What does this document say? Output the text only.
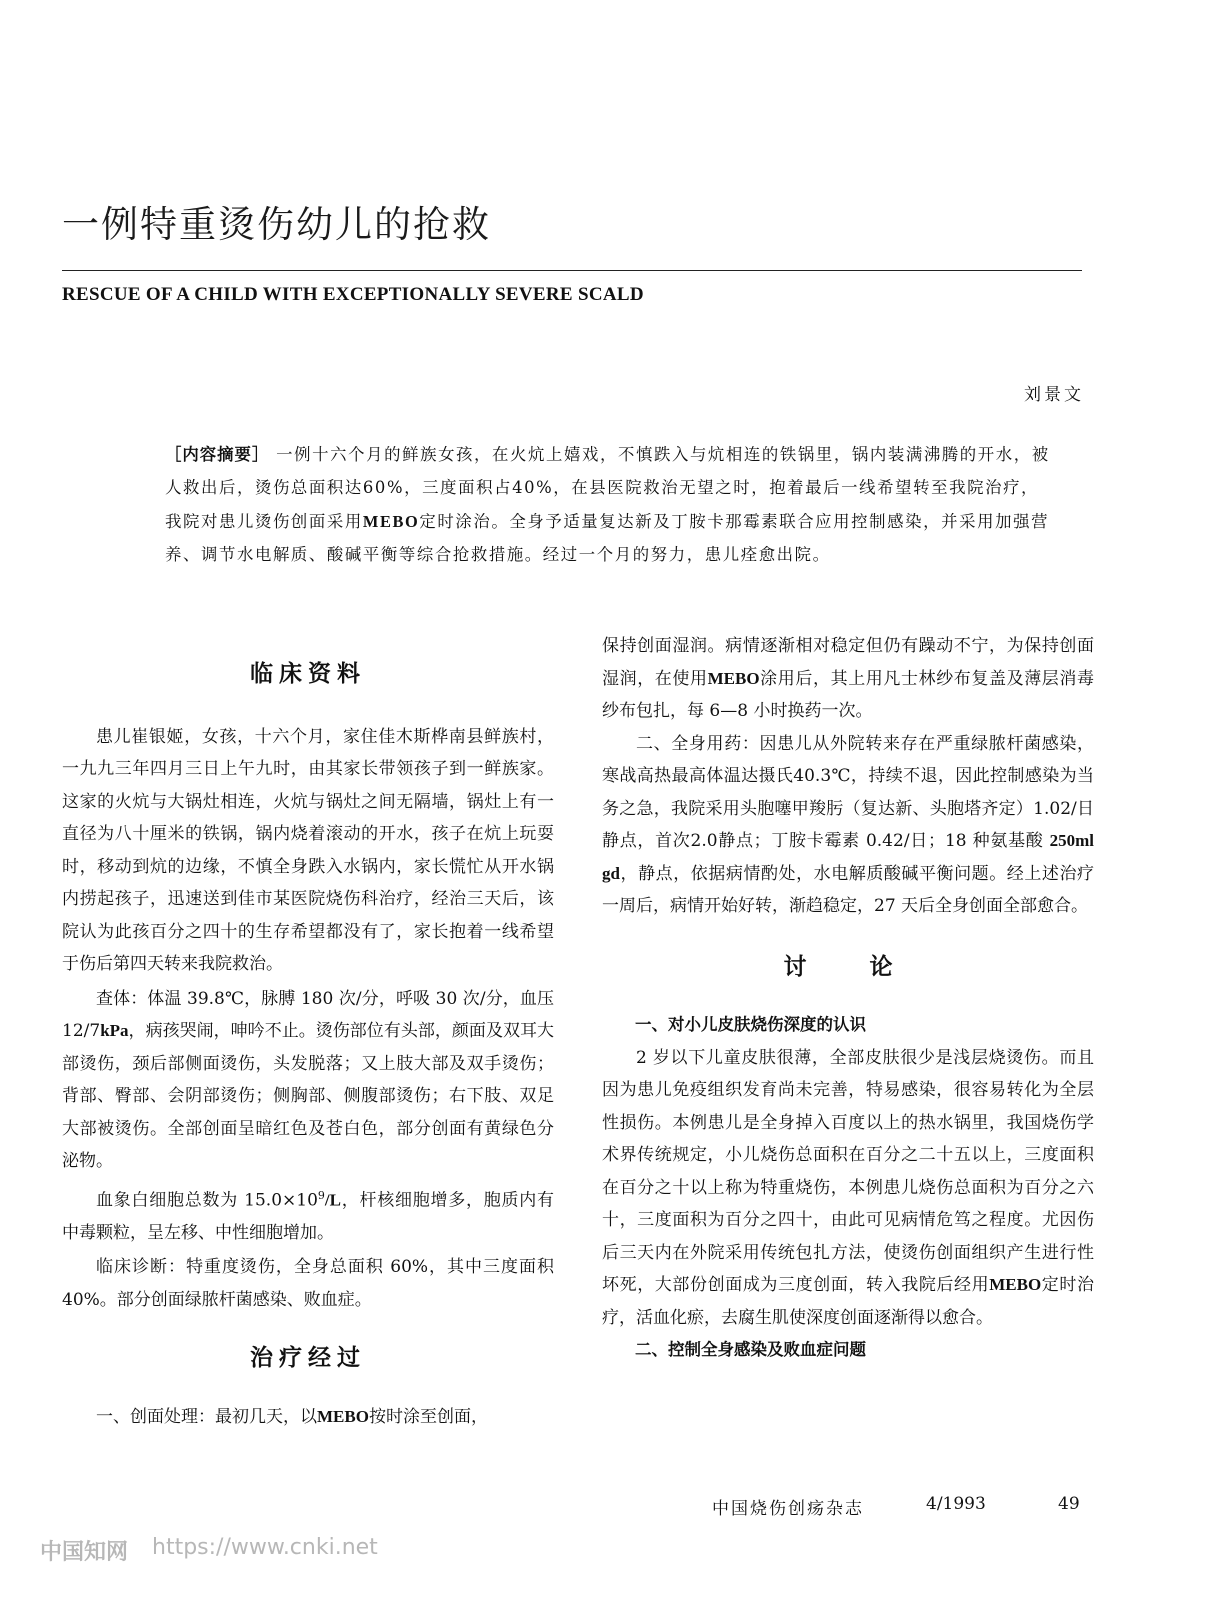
一例特重烫伤幼儿的抢救
RESCUE OF A CHILD WITH EXCEPTIONALLY SEVERE SCALD
刘景文
［内容摘要］ 一例十六个月的鲜族女孩，在火炕上嬉戏，不慎跌入与炕相连的铁锅里，锅内装满沸腾的开水，被人救出后，烫伤总面积达60%，三度面积占40%，在县医院救治无望之时，抱着最后一线希望转至我院治疗，我院对患儿烫伤创面采用MEBO定时涂治。全身予适量复达新及丁胺卡那霉素联合应用控制感染，并采用加强营养、调节水电解质、酸碱平衡等综合抢救措施。经过一个月的努力，患儿痊愈出院。
临床资料

患儿崔银姬，女孩，十六个月，家住佳木斯桦南县鲜族村，一九九三年四月三日上午九时，由其家长带领孩子到一鲜族家。这家的火炕与大锅灶相连，火炕与锅灶之间无隔墙，锅灶上有一直径为八十厘米的铁锅，锅内烧着滚动的开水，孩子在炕上玩耍时，移动到炕的边缘，不慎全身跌入水锅内，家长慌忙从开水锅内捞起孩子，迅速送到佳市某医院烧伤科治疗，经治三天后，该院认为此孩百分之四十的生存希望都没有了，家长抱着一线希望于伤后第四天转来我院救治。

查体：体温 39.8℃，脉膊 180 次/分，呼吸 30 次/分，血压 12/7kPa，病孩哭闹，呻吟不止。烫伤部位有头部，颜面及双耳大部烫伤，颈后部侧面烫伤，头发脱落；又上肢大部及双手烫伤；背部、臀部、会阴部烫伤；侧胸部、侧腹部烫伤；右下肢、双足大部被烫伤。全部创面呈暗红色及苍白色，部分创面有黄绿色分泌物。

血象白细胞总数为 $15.0\times 10^9/L$，杆核细胞增多，胞质内有中毒颗粒，呈左移、中性细胞增加。

临床诊断：特重度烫伤，全身总面积 60%，其中三度面积 40%。部分创面绿脓杆菌感染、败血症。

治疗经过

一、创面处理：最初几天，以MEBO按时涂至创面，

保持创面湿润。病情逐渐相对稳定但仍有躁动不宁，为保持创面湿润，在使用MEBO涂用后，其上用凡士林纱布复盖及薄层消毒纱布包扎，每 6—8 小时换药一次。

二、全身用药：因患儿从外院转来存在严重绿脓杆菌感染，寒战高热最高体温达摄氏40.3℃，持续不退，因此控制感染为当务之急，我院采用头胞噻甲羧肟（复达新、头胞塔齐定）1.02/日静点，首次2.0静点；丁胺卡霉素 0.42/日；18 种氨基酸 250ml gd，静点，依据病情酌处，水电解质酸碱平衡问题。经上述治疗一周后，病情开始好转，渐趋稳定，27 天后全身创面全部愈合。

讨　论

一、对小儿皮肤烧伤深度的认识

2 岁以下儿童皮肤很薄，全部皮肤很少是浅层烧烫伤。而且因为患儿免疫组织发育尚未完善，特易感染，很容易转化为全层性损伤。本例患儿是全身掉入百度以上的热水锅里，我国烧伤学术界传统规定，小儿烧伤总面积在百分之二十五以上，三度面积在百分之十以上称为特重烧伤，本例患儿烧伤总面积为百分之六十，三度面积为百分之四十，由此可见病情危笃之程度。尤因伤后三天内在外院采用传统包扎方法，使烫伤创面组织产生进行性坏死，大部份创面成为三度创面，转入我院后经用MEBO定时治疗，活血化瘀，去腐生肌使深度创面逐渐得以愈合。

二、控制全身感染及败血症问题

中国烧伤创疡杂志	4/1993	49
中国知网 https://www.cnki.net
